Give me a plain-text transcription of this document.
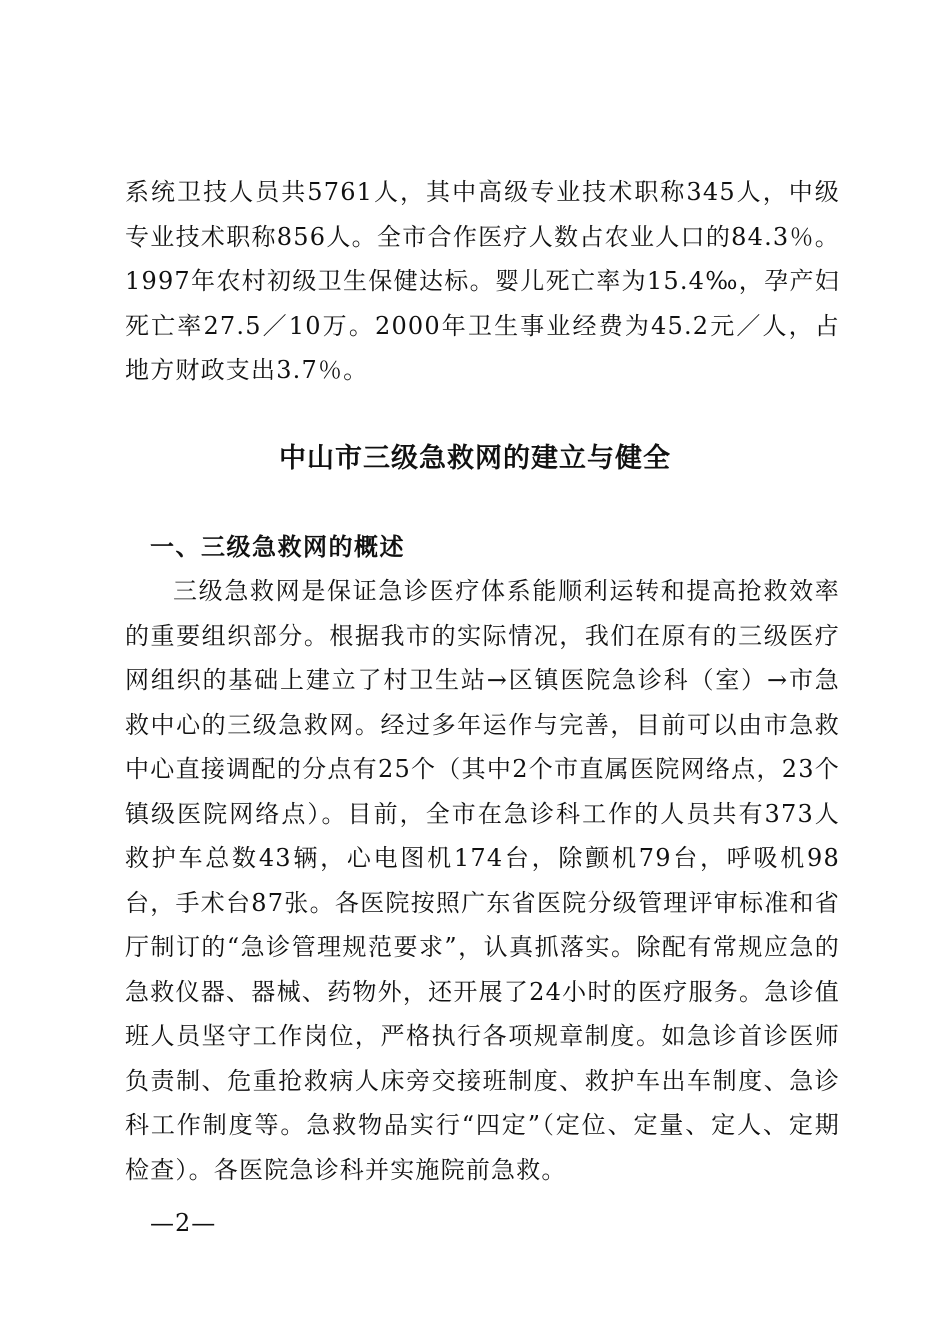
系统卫技人员共5761人，其中高级专业技术职称345人，中级专业技术职称856人。全市合作医疗人数占农业人口的84.3％。1997年农村初级卫生保健达标。婴儿死亡率为15.4‰，孕产妇死亡率27.5／10万。2000年卫生事业经费为45.2元／人，占地方财政支出3.7％。

中山市三级急救网的建立与健全
一、三级急救网的概述

三级急救网是保证急诊医疗体系能顺利运转和提高抢救效率的重要组织部分。根据我市的实际情况，我们在原有的三级医疗网组织的基础上建立了村卫生站→区镇医院急诊科（室）→市急救中心的三级急救网。经过多年运作与完善，目前可以由市急救中心直接调配的分点有25个（其中2个市直属医院网络点，23个镇级医院网络点）。目前，全市在急诊科工作的人员共有373人救护车总数43辆，心电图机174台，除颤机79台，呼吸机98台，手术台87张。各医院按照广东省医院分级管理评审标准和省厅制订的“急诊管理规范要求”，认真抓落实。除配有常规应急的急救仪器、器械、药物外，还开展了24小时的医疗服务。急诊值班人员坚守工作岗位，严格执行各项规章制度。如急诊首诊医师负责制、危重抢救病人床旁交接班制度、救护车出车制度、急诊科工作制度等。急救物品实行“四定”（定位、定量、定人、定期检查）。各医院急诊科并实施院前急救。

—2—
